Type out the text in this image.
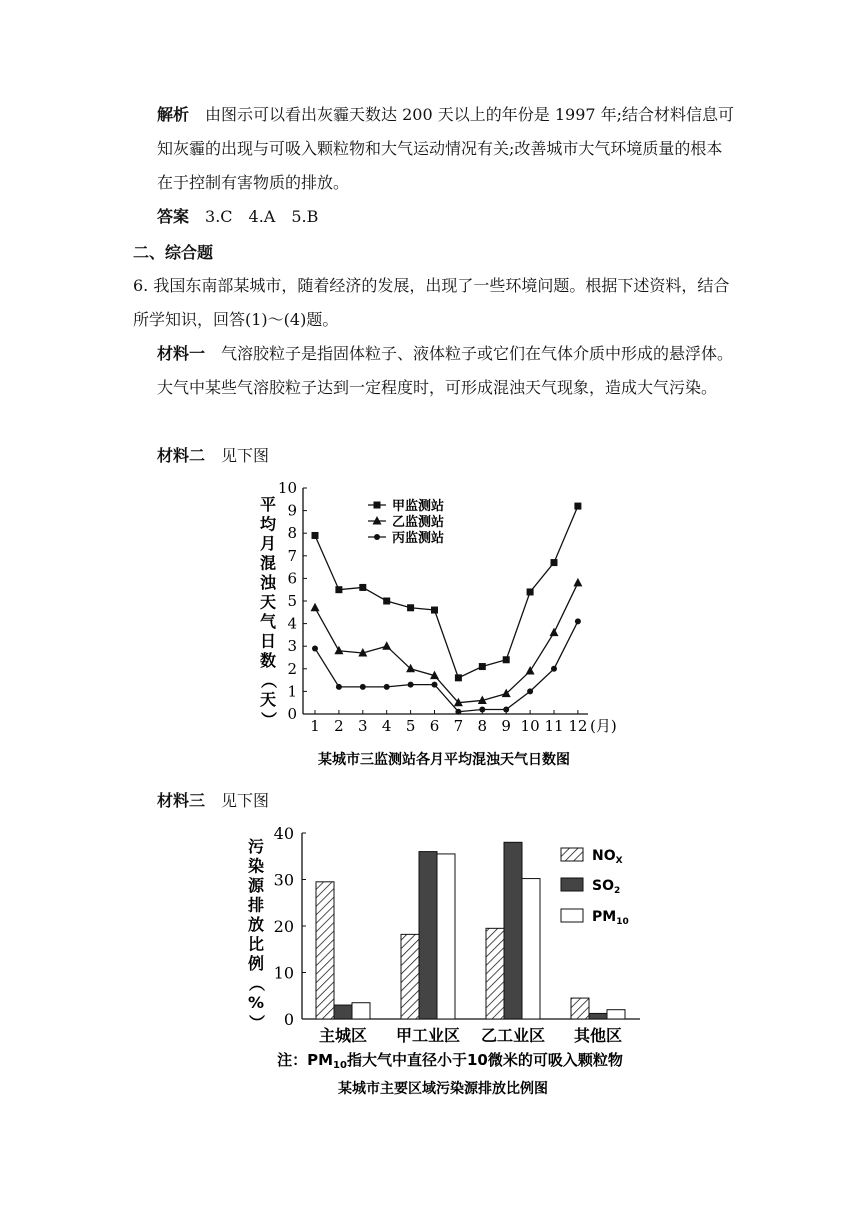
解析　 由图示可以看出灰霾天数达 200 天以上的年份是 1997 年;结合材料信息可知灰霾的出现与可吸入颗粒物和大气运动情况有关;改善城市大气环境质量的根本在于控制有害物质的排放。

答案　 3.C　4.A　5.B

二、综合题

6. 我国东南部某城市，随着经济的发展，出现了一些环境问题。根据下述资料，结合所学知识，回答(1)～(4)题。

材料一　 气溶胶粒子是指固体粒子、液体粒子或它们在气体介质中形成的悬浮体。大气中某些气溶胶粒子达到一定程度时，可形成混浊天气现象，造成大气污染。

材料二　 见下图
材料三　 见下图
0
1
2
3
4
5
6
7
8
9
10
1 2 3 4 5 6 7 8 9 10 11 12 (月)
平
均
月
混
浊
天
气
日
数
（
天
）
甲监测站
乙监测站
丙监测站
某城市三监测站各月平均混浊天气日数图
0
10
20
30
40
污
染
源
排
放
比
例
（
%
）
主城区 甲工业区 乙工业区 其他区
$NO_X$
$SO_2$
$PM_{10}$
注：$PM_{10}$指大气中直径小于10微米的可吸入颗粒物
某城市主要区域污染源排放比例图
